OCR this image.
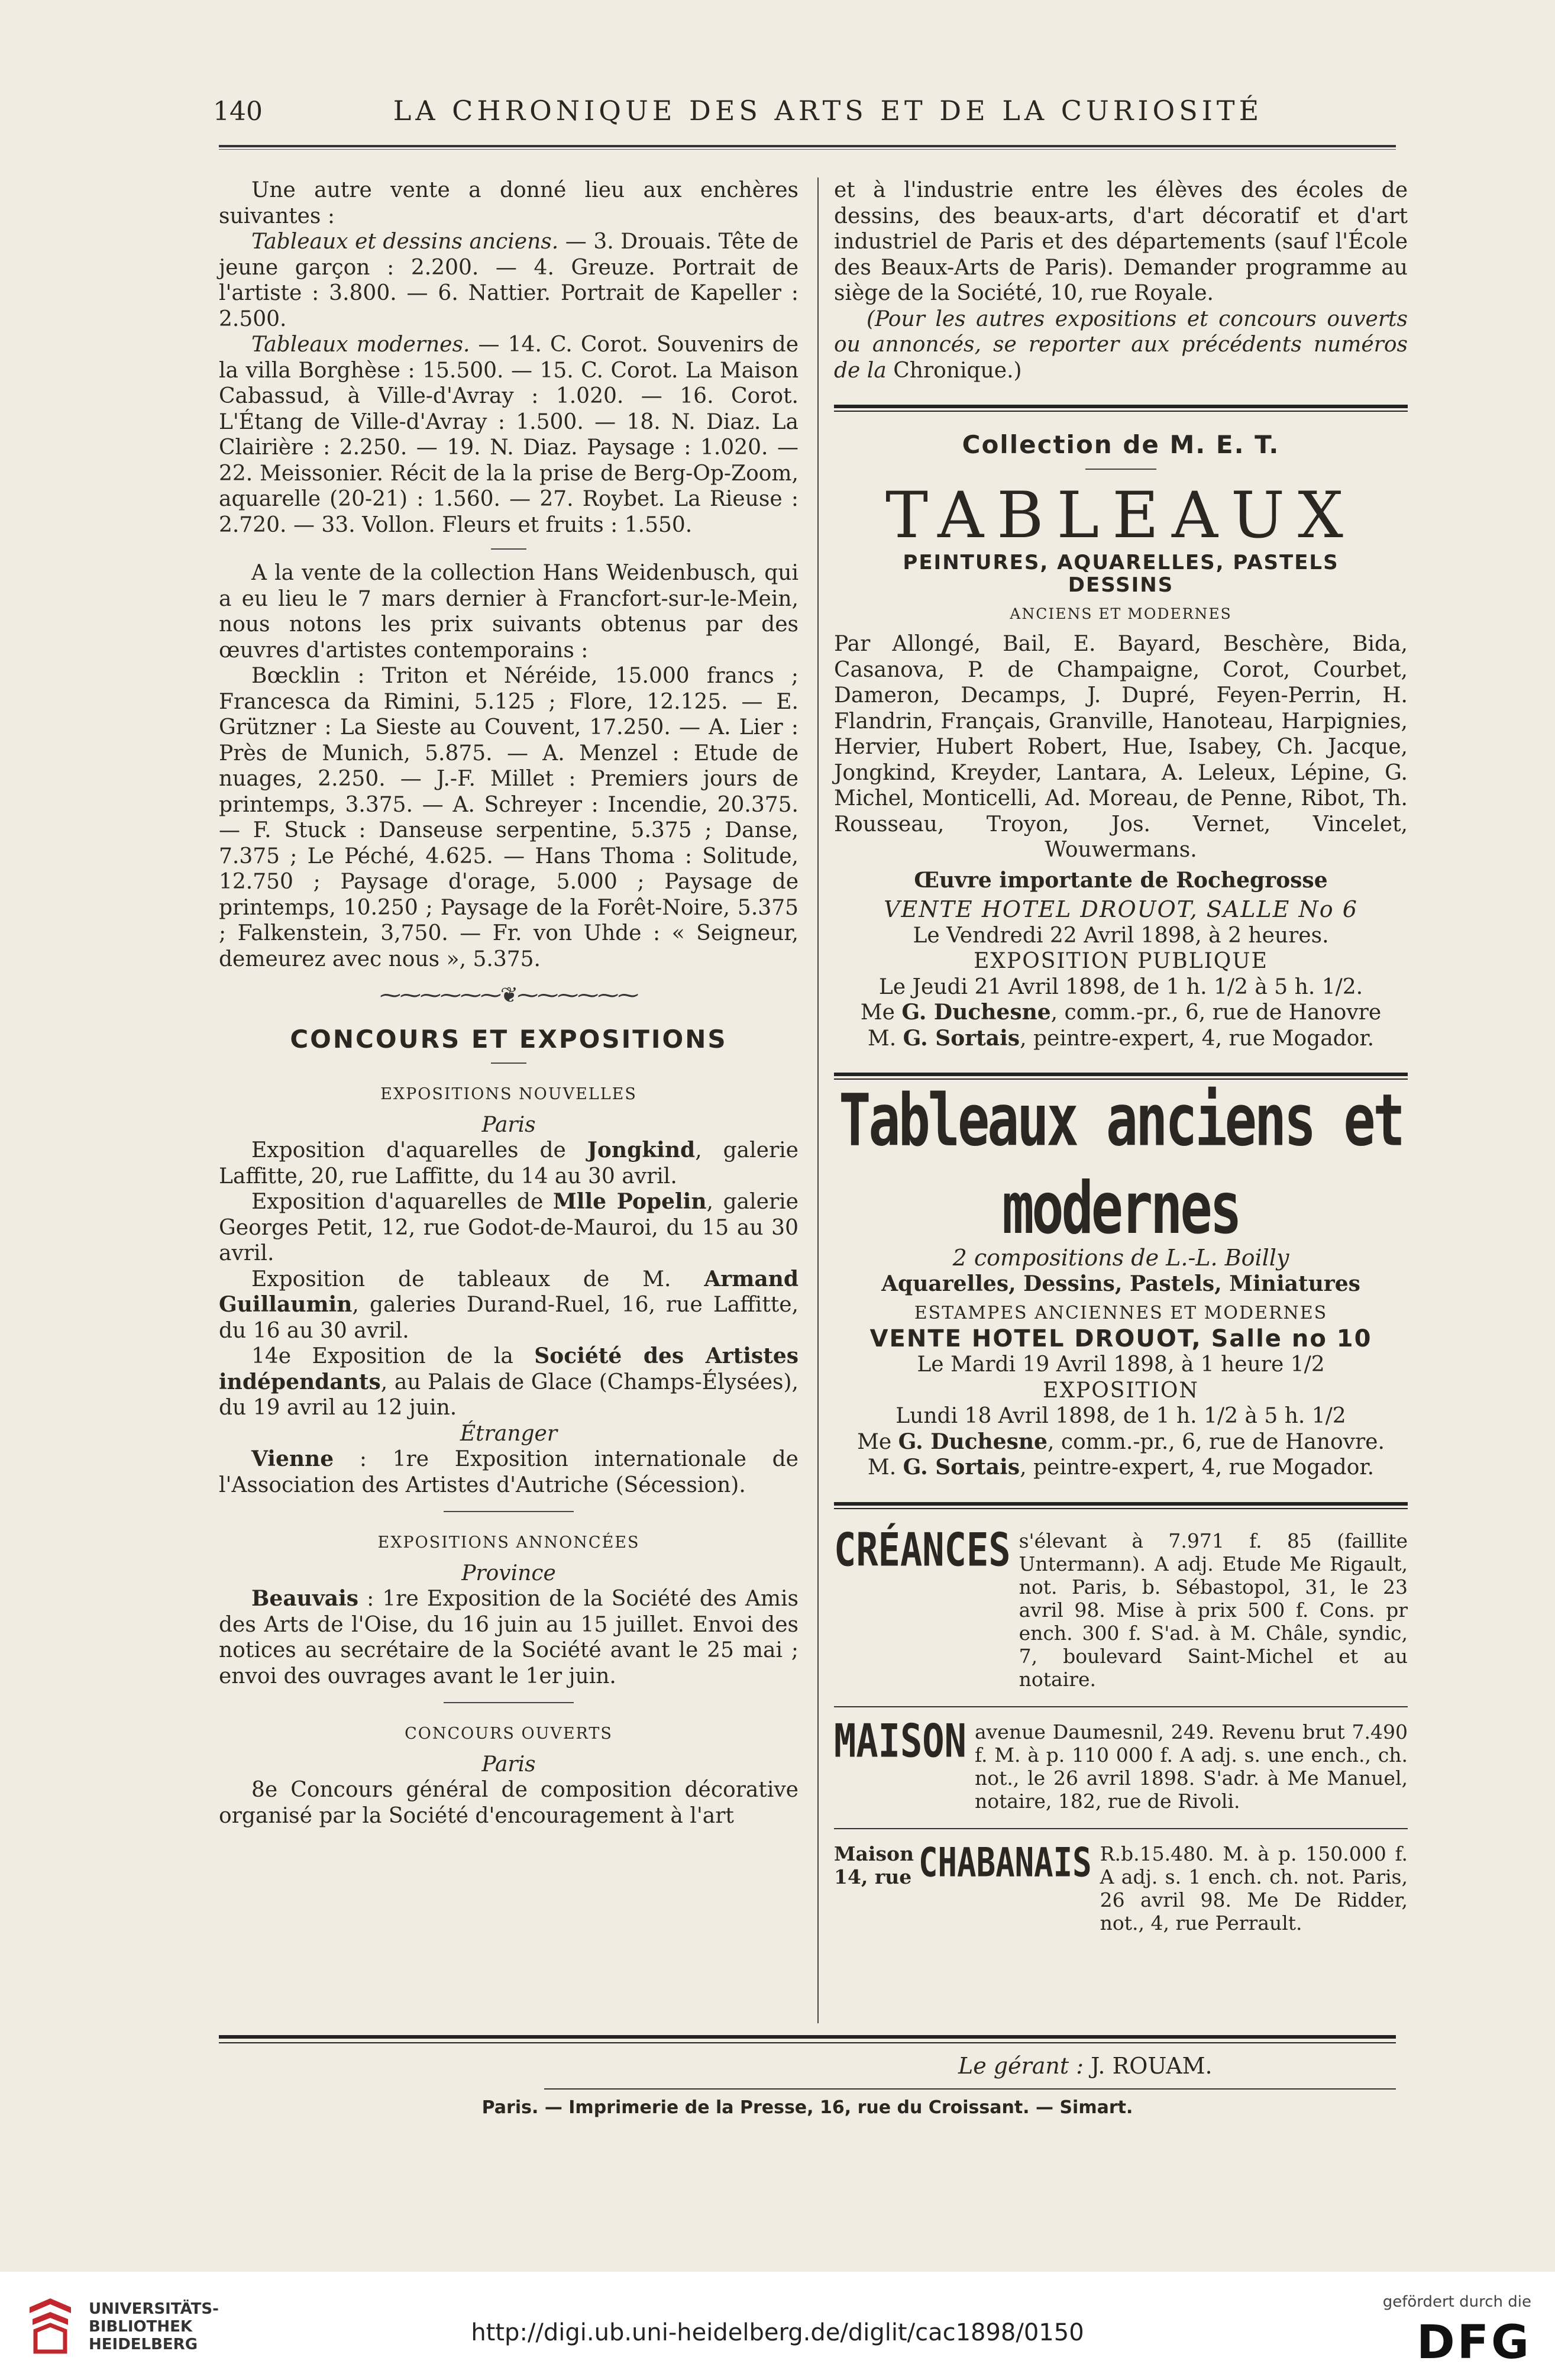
140	LA CHRONIQUE DES ARTS ET DE LA CURIOSITÉ

Une autre vente a donné lieu aux enchères suivantes :

Tableaux et dessins anciens. — 3. Drouais. Tête de jeune garçon : 2.200. — 4. Greuze. Portrait de l'artiste : 3.800. — 6. Nattier. Portrait de Kapeller : 2.500.

Tableaux modernes. — 14. C. Corot. Souvenirs de la villa Borghèse : 15.500. — 15. C. Corot. La Maison Cabassud, à Ville-d'Avray : 1.020. — 16. Corot. L'Étang de Ville-d'Avray : 1.500. — 18. N. Diaz. La Clairière : 2.250. — 19. N. Diaz. Paysage : 1.020. — 22. Meissonier. Récit de la la prise de Berg-Op-Zoom, aquarelle (20-21) : 1.560. — 27. Roybet. La Rieuse : 2.720. — 33. Vollon. Fleurs et fruits : 1.550.

A la vente de la collection Hans Weidenbusch, qui a eu lieu le 7 mars dernier à Francfort-sur-le-Mein, nous notons les prix suivants obtenus par des œuvres d'artistes contemporains :

Bœcklin : Triton et Néréide, 15.000 francs ; Francesca da Rimini, 5.125 ; Flore, 12.125. — E. Grützner : La Sieste au Couvent, 17.250. — A. Lier : Près de Munich, 5.875. — A. Menzel : Etude de nuages, 2.250. — J.-F. Millet : Premiers jours de printemps, 3.375. — A. Schreyer : Incendie, 20.375. — F. Stuck : Danseuse serpentine, 5.375 ; Danse, 7.375 ; Le Péché, 4.625. — Hans Thoma : Solitude, 12.750 ; Paysage d'orage, 5.000 ; Paysage de printemps, 10.250 ; Paysage de la Forêt-Noire, 5.375 ; Falkenstein, 3,750. — Fr. von Uhde : « Seigneur, demeurez avec nous », 5.375.

⁓⁓⁓⁓⁓⁓❦⁓⁓⁓⁓⁓⁓
CONCOURS ET EXPOSITIONS
EXPOSITIONS NOUVELLES
Paris

Exposition d'aquarelles de Jongkind, galerie Laffitte, 20, rue Laffitte, du 14 au 30 avril.

Exposition d'aquarelles de Mlle Popelin, galerie Georges Petit, 12, rue Godot-de-Mauroi, du 15 au 30 avril.

Exposition de tableaux de M. Armand Guillaumin, galeries Durand-Ruel, 16, rue Laffitte, du 16 au 30 avril.

14e Exposition de la Société des Artistes indépendants, au Palais de Glace (Champs-Élysées), du 19 avril au 12 juin.

Étranger

Vienne : 1re Exposition internationale de l'Association des Artistes d'Autriche (Sécession).

EXPOSITIONS ANNONCÉES
Province

Beauvais : 1re Exposition de la Société des Amis des Arts de l'Oise, du 16 juin au 15 juillet. Envoi des notices au secrétaire de la Société avant le 25 mai ; envoi des ouvrages avant le 1er juin.

CONCOURS OUVERTS
Paris

8e Concours général de composition décorative organisé par la Société d'encouragement à l'art

et à l'industrie entre les élèves des écoles de dessins, des beaux-arts, d'art décoratif et d'art industriel de Paris et des départements (sauf l'École des Beaux-Arts de Paris). Demander programme au siège de la Société, 10, rue Royale.

(Pour les autres expositions et concours ouverts ou annoncés, se reporter aux précédents numéros de la Chronique.)

Collection de M. E. T.
TABLEAUX
PEINTURES, AQUARELLES, PASTELS
DESSINS
ANCIENS ET MODERNES

Par Allongé, Bail, E. Bayard, Beschère, Bida, Casanova, P. de Champaigne, Corot, Courbet, Dameron, Decamps, J. Dupré, Feyen-Perrin, H. Flandrin, Français, Granville, Hanoteau, Harpignies, Hervier, Hubert Robert, Hue, Isabey, Ch. Jacque, Jongkind, Kreyder, Lantara, A. Leleux, Lépine, G. Michel, Monticelli, Ad. Moreau, de Penne, Ribot, Th. Rousseau, Troyon, Jos. Vernet, Vincelet, Wouwermans.

Œuvre importante de Rochegrosse
VENTE HOTEL DROUOT, SALLE No 6
Le Vendredi 22 Avril 1898, à 2 heures.
EXPOSITION PUBLIQUE
Le Jeudi 21 Avril 1898, de 1 h. 1/2 à 5 h. 1/2.
Me G. Duchesne, comm.-pr., 6, rue de Hanovre
M. G. Sortais, peintre-expert, 4, rue Mogador.
Tableaux anciens et modernes
2 compositions de L.-L. Boilly
Aquarelles, Dessins, Pastels, Miniatures
ESTAMPES ANCIENNES ET MODERNES
VENTE HOTEL DROUOT, Salle no 10
Le Mardi 19 Avril 1898, à 1 heure 1/2
EXPOSITION
Lundi 18 Avril 1898, de 1 h. 1/2 à 5 h. 1/2
Me G. Duchesne, comm.-pr., 6, rue de Hanovre.
M. G. Sortais, peintre-expert, 4, rue Mogador.
CRÉANCES s'élevant à 7.971 f. 85 (faillite Untermann). A adj. Etude Me Rigault, not. Paris, b. Sébastopol, 31, le 23 avril 98. Mise à prix 500 f. Cons. pr ench. 300 f. S'ad. à M. Châle, syndic, 7, boulevard Saint-Michel et au notaire.
MAISON avenue Daumesnil, 249. Revenu brut 7.490 f. M. à p. 110 000 f. A adj. s. une ench., ch. not., le 26 avril 1898. S'adr. à Me Manuel, notaire, 182, rue de Rivoli.
Maison 14, rue CHABANAIS R.b.15.480. M. à p. 150.000 f. A adj. s. 1 ench. ch. not. Paris, 26 avril 98. Me De Ridder, not., 4, rue Perrault.
Le gérant : J. ROUAM.
Paris. — Imprimerie de la Presse, 16, rue du Croissant. — Simart.
UNIVERSITÄTS-
BIBLIOTHEK
HEIDELBERG	http://digi.ub.uni-heidelberg.de/diglit/cac1898/0150
gefördert durch die
DFG
